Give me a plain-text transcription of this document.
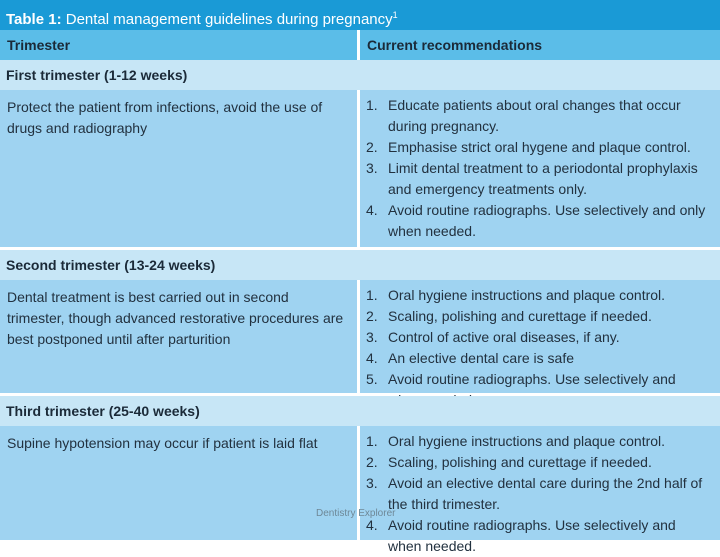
Table 1: Dental management guidelines during pregnancy$^1$
Trimester	Current recommendations
First trimester (1-12 weeks)
Protect the patient from infections, avoid the use of drugs and radiography
1. Educate patients about oral changes that occur during pregnancy.
2. Emphasise strict oral hygene and plaque control.
3. Limit dental treatment to a periodontal prophylaxis and emergency treatments only.
4. Avoid routine radiographs. Use selectively and only when needed.
Second trimester (13-24 weeks)
Dental treatment is best carried out in second trimester, though advanced restorative procedures are best postponed until after parturition
1. Oral hygiene instructions and plaque control.
2. Scaling, polishing and curettage if needed.
3. Control of active oral diseases, if any.
4. An elective dental care is safe
5. Avoid routine radiographs. Use selectively and
Third trimester (25-40 weeks)
Supine hypotension may occur if patient is laid flat	1. Oral hygiene instructions and plaque control.
2. Scaling, polishing and curettage if needed.
3. Avoid an elective dental care during the 2nd half of the third trimester.
4. Avoid routine radiographs. Use selectively and when needed.
Dentistry Explorer
